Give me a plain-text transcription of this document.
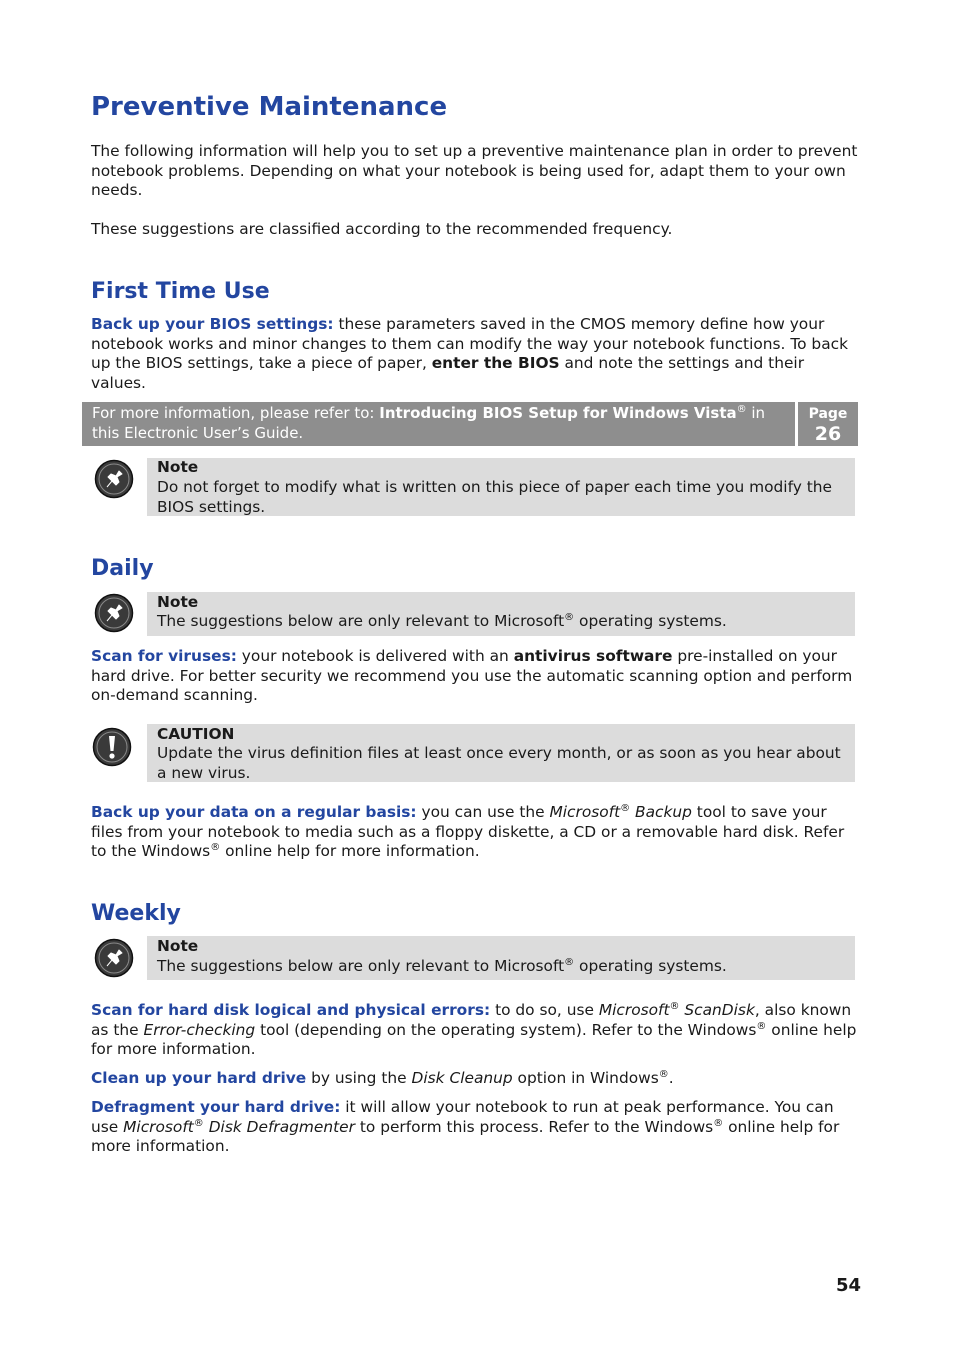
Preventive Maintenance

The following information will help you to set up a preventive maintenance plan in order to prevent notebook problems. Depending on what your notebook is being used for, adapt them to your own needs.

These suggestions are classified according to the recommended frequency.

First Time Use

Back up your BIOS settings: these parameters saved in the CMOS memory define how your notebook works and minor changes to them can modify the way your notebook functions. To back up the BIOS settings, take a piece of paper, enter the BIOS and note the settings and their values.

For more information, please refer to: Introducing BIOS Setup for Windows Vista® in this Electronic User’s Guide.

Page
26

Note

Do not forget to modify what is written on this piece of paper each time you modify the BIOS settings.

Daily

Note

The suggestions below are only relevant to Microsoft® operating systems.

Scan for viruses: your notebook is delivered with an antivirus software pre-installed on your hard drive. For better security we recommend you use the automatic scanning option and perform on-demand scanning.

CAUTION

Update the virus definition files at least once every month, or as soon as you hear about a new virus.

Back up your data on a regular basis: you can use the Microsoft® Backup tool to save your files from your notebook to media such as a floppy diskette, a CD or a removable hard disk. Refer to the Windows® online help for more information.

Weekly

Note

The suggestions below are only relevant to Microsoft® operating systems.

Scan for hard disk logical and physical errors: to do so, use Microsoft® ScanDisk, also known as the Error-checking tool (depending on the operating system). Refer to the Windows® online help for more information.

Clean up your hard drive by using the Disk Cleanup option in Windows®.

Defragment your hard drive: it will allow your notebook to run at peak performance. You can use Microsoft® Disk Defragmenter to perform this process. Refer to the Windows® online help for more information.

54
